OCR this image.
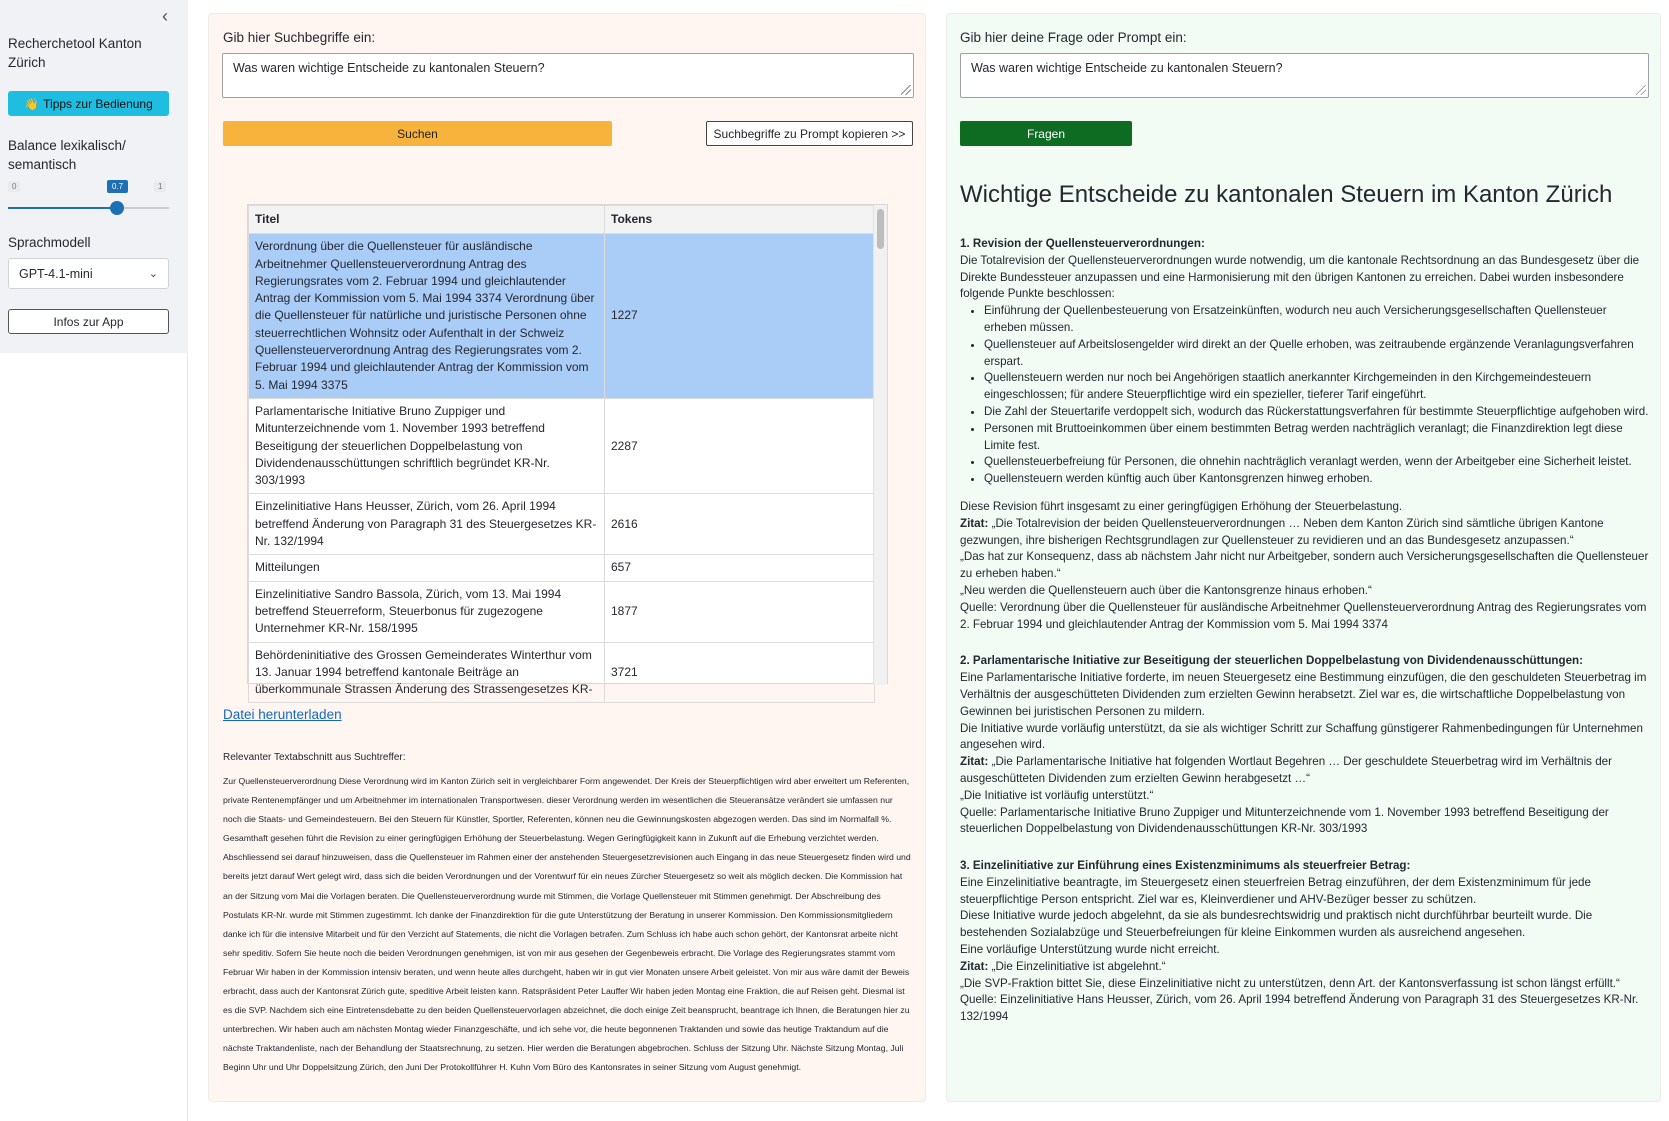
‹
Recherchetool Kanton Zürich
👋 Tipps zur Bedienung
Balance lexikalisch/ semantisch
0	1
0.7
Sprachmodell
GPT-4.1-mini	⌄
Infos zur App
Gib hier Suchbegriffe ein:
Was waren wichtige Entscheide zu kantonalen Steuern?
Suchen	Suchbegriffe zu Prompt kopieren >>
Titel	Tokens
Verordnung über die Quellensteuer für ausländische Arbeitnehmer Quellensteuerverordnung Antrag des Regierungsrates vom 2. Februar 1994 und gleichlautender Antrag der Kommission vom 5. Mai 1994 3374 Verordnung über die Quellensteuer für natürliche und juristische Personen ohne steuerrechtlichen Wohnsitz oder Aufenthalt in der Schweiz Quellensteuerverordnung Antrag des Regierungsrates vom 2. Februar 1994 und gleichlautender Antrag der Kommission vom 5. Mai 1994 3375	1227
Parlamentarische Initiative Bruno Zuppiger und Mitunterzeichnende vom 1. November 1993 betreffend Beseitigung der steuerlichen Doppelbelastung von Dividendenausschüttungen schriftlich begründet KR-Nr. 303/1993	2287
Einzelinitiative Hans Heusser, Zürich, vom 26. April 1994 betreffend Änderung von Paragraph 31 des Steuergesetzes KR-Nr. 132/1994	2616
Mitteilungen	657
Einzelinitiative Sandro Bassola, Zürich, vom 13. Mai 1994 betreffend Steuerreform, Steuerbonus für zugezogene Unternehmer KR-Nr. 158/1995	1877
Behördeninitiative des Grossen Gemeinderates Winterthur vom 13. Januar 1994 betreffend kantonale Beiträge an überkommunale Strassen Änderung des Strassengesetzes KR-	3721
Datei herunterladen
Relevanter Textabschnitt aus Suchtreffer:
Zur Quellensteuerverordnung Diese Verordnung wird im Kanton Zürich seit in vergleichbarer Form angewendet. Der Kreis der Steuerpflichtigen wird aber erweitert um Referenten, private Rentenempfänger und um Arbeitnehmer im internationalen Transportwesen. dieser Verordnung werden im wesentlichen die Steueransätze verändert sie umfassen nur noch die Staats- und Gemeindesteuern. Bei den Steuern für Künstler, Sportler, Referenten, können neu die Gewinnungskosten abgezogen werden. Das sind im Normalfall %. Gesamthaft gesehen führt die Revision zu einer geringfügigen Erhöhung der Steuerbelastung. Wegen Geringfügigkeit kann in Zukunft auf die Erhebung verzichtet werden. Abschliessend sei darauf hinzuweisen, dass die Quellensteuer im Rahmen einer der anstehenden Steuergesetzrevisionen auch Eingang in das neue Steuergesetz finden wird und bereits jetzt darauf Wert gelegt wird, dass sich die beiden Verordnungen und der Vorentwurf für ein neues Zürcher Steuergesetz so weit als möglich decken. Die Kommission hat an der Sitzung vom Mai die Vorlagen beraten. Die Quellensteuerverordnung wurde mit Stimmen, die Vorlage Quellensteuer mit Stimmen genehmigt. Der Abschreibung des Postulats KR-Nr. wurde mit Stimmen zugestimmt. Ich danke der Finanzdirektion für die gute Unterstützung der Beratung in unserer Kommission. Den Kommissionsmitgliedern danke ich für die intensive Mitarbeit und für den Verzicht auf Statements, die nicht die Vorlagen betrafen. Zum Schluss ich habe auch schon gehört, der Kantonsrat arbeite nicht sehr speditiv. Sofern Sie heute noch die beiden Verordnungen genehmigen, ist von mir aus gesehen der Gegenbeweis erbracht. Die Vorlage des Regierungsrates stammt vom Februar Wir haben in der Kommission intensiv beraten, und wenn heute alles durchgeht, haben wir in gut vier Monaten unsere Arbeit geleistet. Von mir aus wäre damit der Beweis erbracht, dass auch der Kantonsrat Zürich gute, speditive Arbeit leisten kann. Ratspräsident Peter Lauffer Wir haben jeden Montag eine Fraktion, die auf Reisen geht. Diesmal ist es die SVP. Nachdem sich eine Eintretensdebatte zu den beiden Quellensteuervorlagen abzeichnet, die doch einige Zeit beansprucht, beantrage ich Ihnen, die Beratungen hier zu unterbrechen. Wir haben auch am nächsten Montag wieder Finanzgeschäfte, und ich sehe vor, die heute begonnenen Traktanden und sowie das heutige Traktandum auf die nächste Traktandenliste, nach der Behandlung der Staatsrechnung, zu setzen. Hier werden die Beratungen abgebrochen. Schluss der Sitzung Uhr. Nächste Sitzung Montag, Juli Beginn Uhr und Uhr Doppelsitzung Zürich, den Juni Der Protokollführer H. Kuhn Vom Büro des Kantonsrates in seiner Sitzung vom August genehmigt.
Gib hier deine Frage oder Prompt ein:
Was waren wichtige Entscheide zu kantonalen Steuern?
Fragen
Wichtige Entscheide zu kantonalen Steuern im Kanton Zürich
1. Revision der Quellensteuerverordnungen:

Die Totalrevision der Quellensteuerverordnungen wurde notwendig, um die kantonale Rechtsordnung an das Bundesgesetz über die Direkte Bundessteuer anzupassen und eine Harmonisierung mit den übrigen Kantonen zu erreichen. Dabei wurden insbesondere folgende Punkte beschlossen:

• Einführung der Quellenbesteuerung von Ersatzeinkünften, wodurch neu auch Versicherungsgesellschaften Quellensteuer erheben müssen.
• Quellensteuer auf Arbeitslosengelder wird direkt an der Quelle erhoben, was zeitraubende ergänzende Veranlagungsverfahren erspart.
• Quellensteuern werden nur noch bei Angehörigen staatlich anerkannter Kirchgemeinden in den Kirchgemeindesteuern eingeschlossen; für andere Steuerpflichtige wird ein spezieller, tieferer Tarif eingeführt.
• Die Zahl der Steuertarife verdoppelt sich, wodurch das Rückerstattungsverfahren für bestimmte Steuerpflichtige aufgehoben wird.
• Personen mit Bruttoeinkommen über einem bestimmten Betrag werden nachträglich veranlagt; die Finanzdirektion legt diese Limite fest.
• Quellensteuerbefreiung für Personen, die ohnehin nachträglich veranlagt werden, wenn der Arbeitgeber eine Sicherheit leistet.
• Quellensteuern werden künftig auch über Kantonsgrenzen hinweg erhoben.

Diese Revision führt insgesamt zu einer geringfügigen Erhöhung der Steuerbelastung.

Zitat: „Die Totalrevision der beiden Quellensteuerverordnungen … Neben dem Kanton Zürich sind sämtliche übrigen Kantone gezwungen, ihre bisherigen Rechtsgrundlagen zur Quellensteuer zu revidieren und an das Bundesgesetz anzupassen.“

„Das hat zur Konsequenz, dass ab nächstem Jahr nicht nur Arbeitgeber, sondern auch Versicherungsgesellschaften die Quellensteuer zu erheben haben.“

„Neu werden die Quellensteuern auch über die Kantonsgrenze hinaus erhoben.“

Quelle: Verordnung über die Quellensteuer für ausländische Arbeitnehmer Quellensteuerverordnung Antrag des Regierungsrates vom 2. Februar 1994 und gleichlautender Antrag der Kommission vom 5. Mai 1994 3374

2. Parlamentarische Initiative zur Beseitigung der steuerlichen Doppelbelastung von Dividendenausschüttungen:

Eine Parlamentarische Initiative forderte, im neuen Steuergesetz eine Bestimmung einzufügen, die den geschuldeten Steuerbetrag im Verhältnis der ausgeschütteten Dividenden zum erzielten Gewinn herabsetzt. Ziel war es, die wirtschaftliche Doppelbelastung von Gewinnen bei juristischen Personen zu mildern.

Die Initiative wurde vorläufig unterstützt, da sie als wichtiger Schritt zur Schaffung günstigerer Rahmenbedingungen für Unternehmen angesehen wird.

Zitat: „Die Parlamentarische Initiative hat folgenden Wortlaut Begehren … Der geschuldete Steuerbetrag wird im Verhältnis der ausgeschütteten Dividenden zum erzielten Gewinn herabgesetzt …“

„Die Initiative ist vorläufig unterstützt.“

Quelle: Parlamentarische Initiative Bruno Zuppiger und Mitunterzeichnende vom 1. November 1993 betreffend Beseitigung der steuerlichen Doppelbelastung von Dividendenausschüttungen KR-Nr. 303/1993

3. Einzelinitiative zur Einführung eines Existenzminimums als steuerfreier Betrag:

Eine Einzelinitiative beantragte, im Steuergesetz einen steuerfreien Betrag einzuführen, der dem Existenzminimum für jede steuerpflichtige Person entspricht. Ziel war es, Kleinverdiener und AHV-Bezüger besser zu schützen.

Diese Initiative wurde jedoch abgelehnt, da sie als bundesrechtswidrig und praktisch nicht durchführbar beurteilt wurde. Die bestehenden Sozialabzüge und Steuerbefreiungen für kleine Einkommen wurden als ausreichend angesehen.

Eine vorläufige Unterstützung wurde nicht erreicht.

Zitat: „Die Einzelinitiative ist abgelehnt.“

„Die SVP-Fraktion bittet Sie, diese Einzelinitiative nicht zu unterstützen, denn Art. der Kantonsverfassung ist schon längst erfüllt.“

Quelle: Einzelinitiative Hans Heusser, Zürich, vom 26. April 1994 betreffend Änderung von Paragraph 31 des Steuergesetzes KR-Nr. 132/1994
